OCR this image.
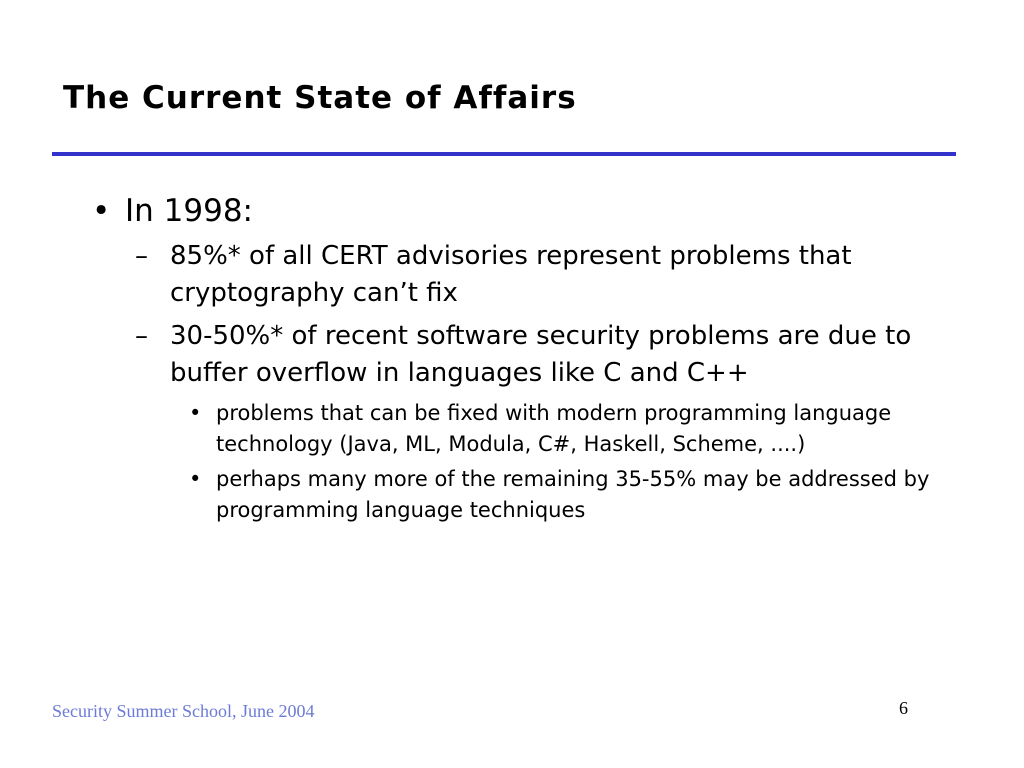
The Current State of Affairs
• In 1998:
– 85%* of all CERT advisories represent problems that cryptography can’t fix
– 30-50%* of recent software security problems are due to buffer overflow in languages like C and C++
• problems that can be fixed with modern programming language technology (Java, ML, Modula, C#, Haskell, Scheme, ....)
• perhaps many more of the remaining 35-55% may be addressed by programming language techniques
Security Summer School, June 2004	6
